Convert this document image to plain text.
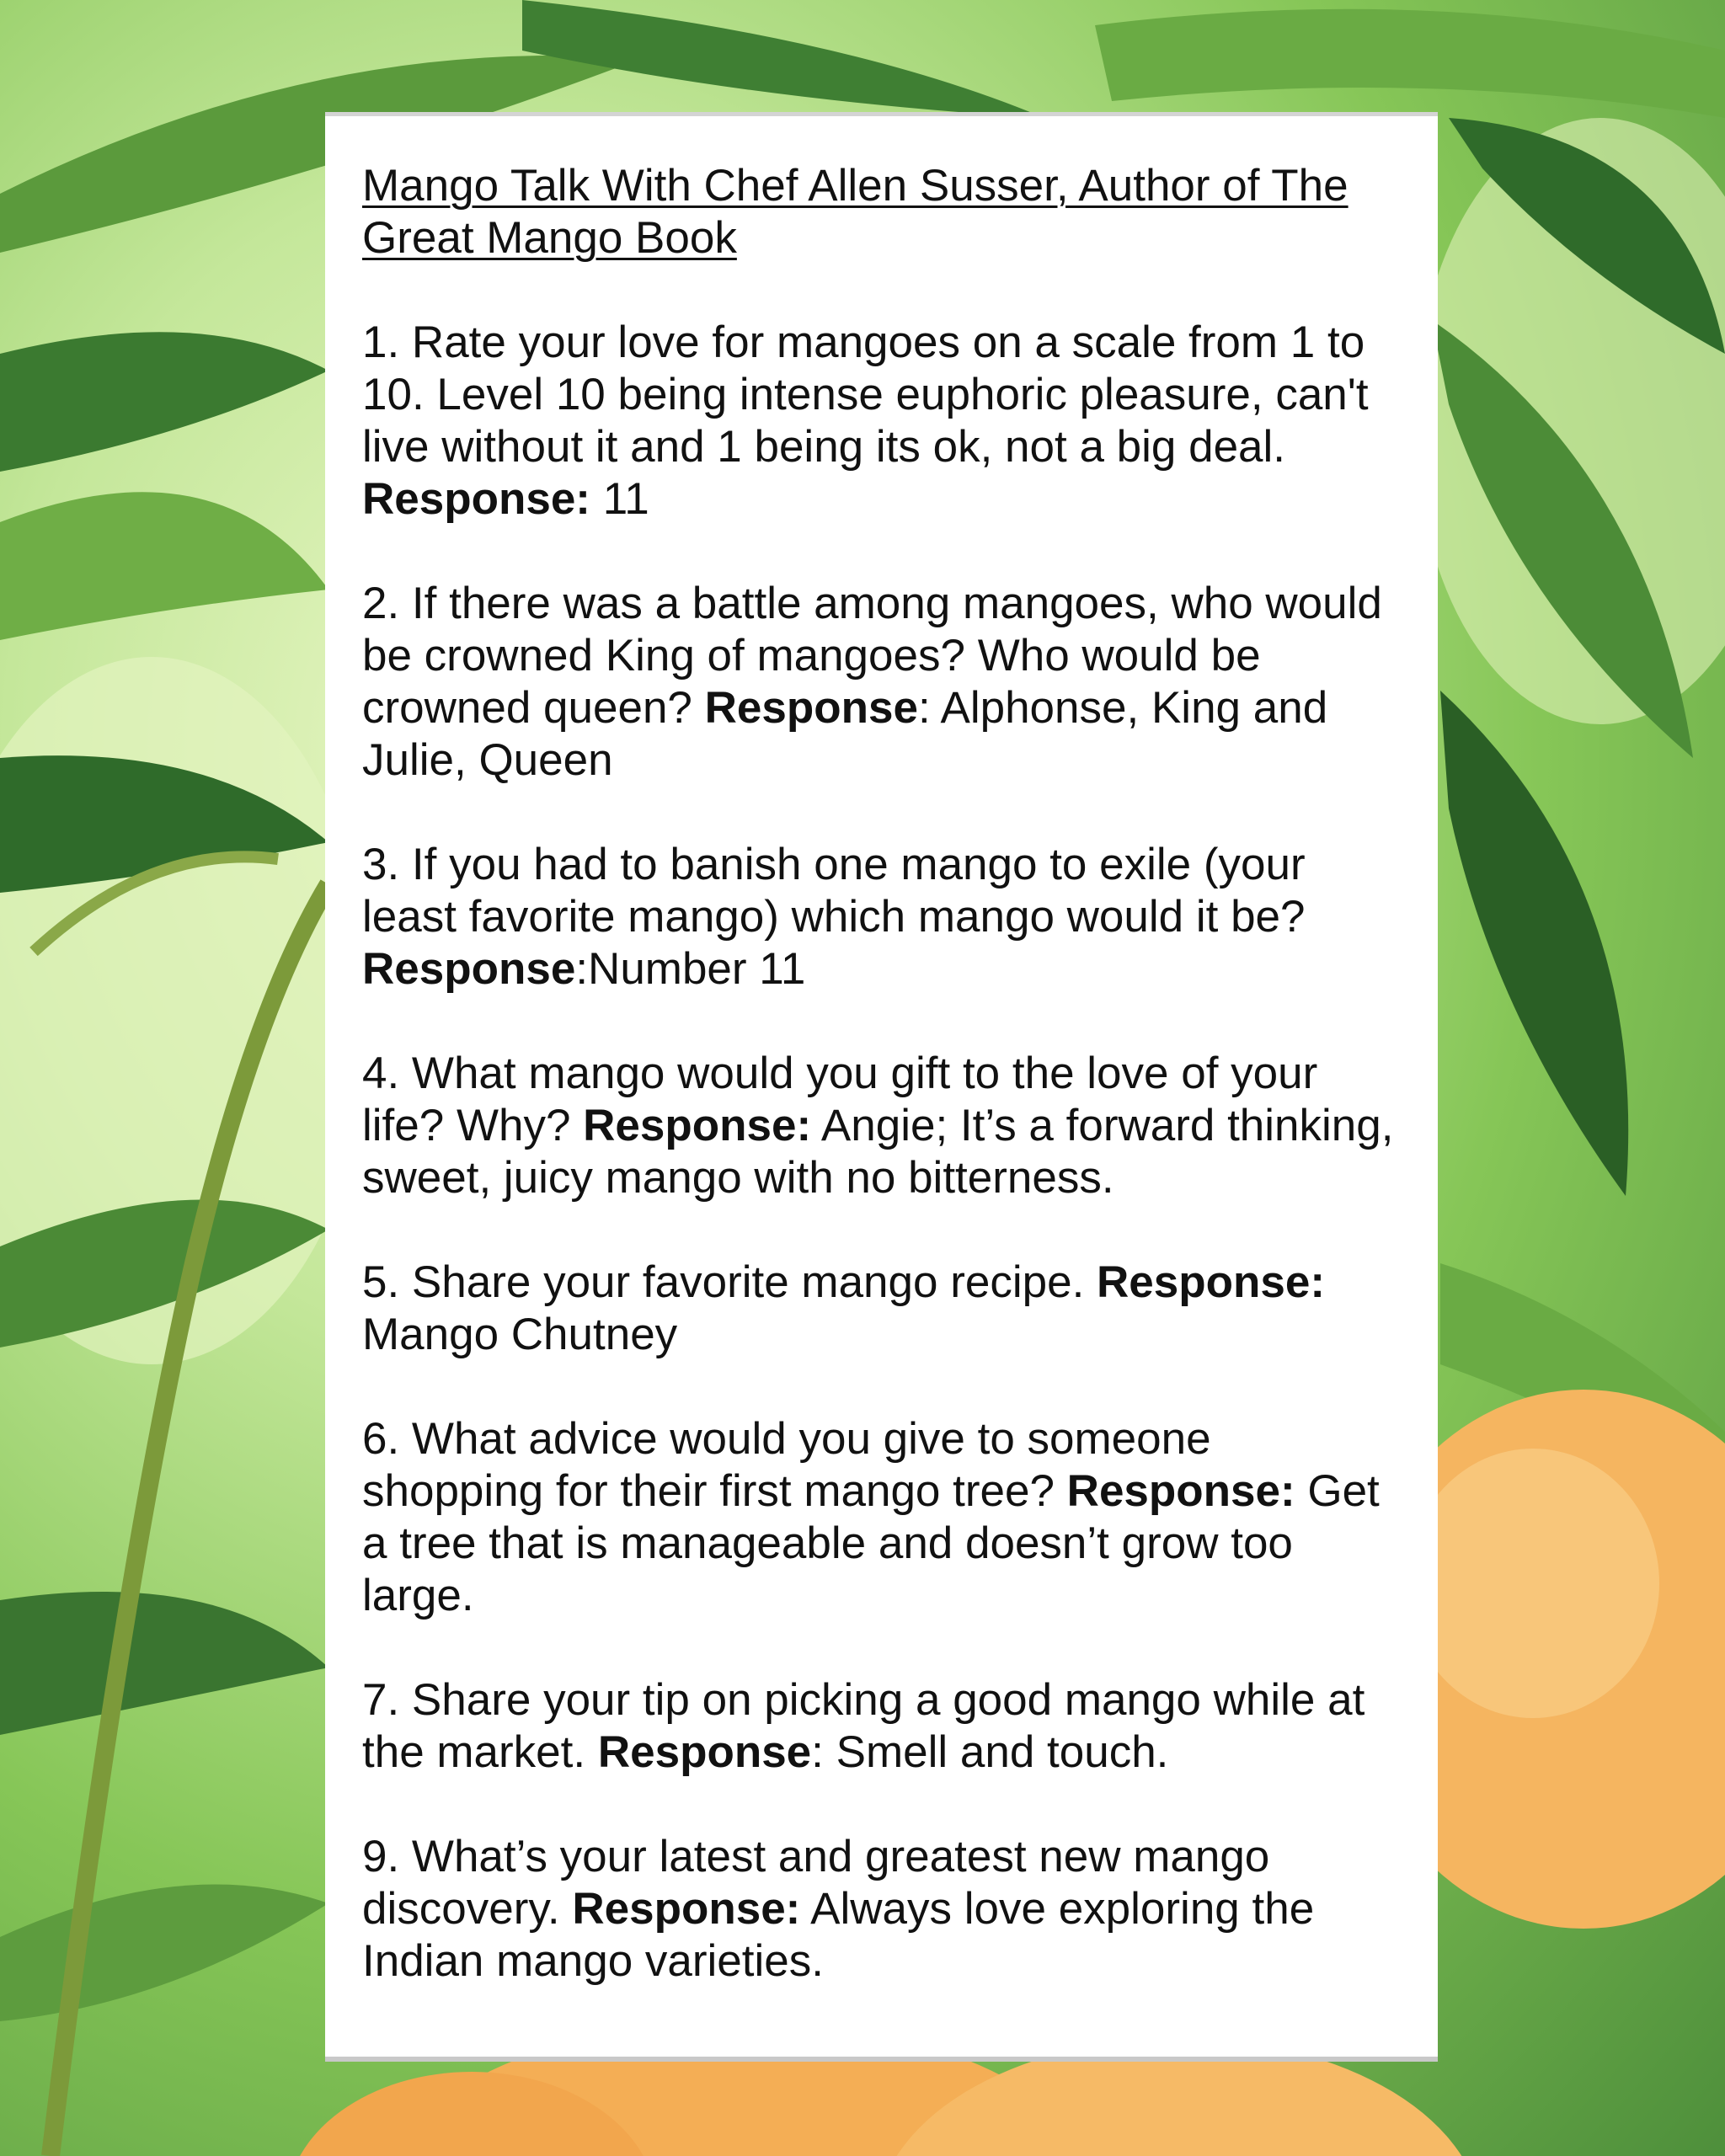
Mango Talk With Chef Allen Susser, Author of The Great Mango Book

1. Rate your love for mangoes on a scale from 1 to 10. Level 10 being intense euphoric pleasure, can't live without it and 1 being its ok, not a big deal. Response: 11

2. If there was a battle among mangoes, who would be crowned King of mangoes? Who would be crowned queen? Response: Alphonse, King and Julie, Queen

3. If you had to banish one mango to exile (your least favorite mango) which mango would it be? Response:Number 11

4. What mango would you gift to the love of your life? Why? Response: Angie; It’s a forward thinking, sweet, juicy mango with no bitterness.

5. Share your favorite mango recipe. Response: Mango Chutney

6. What advice would you give to someone shopping for their first mango tree? Response: Get a tree that is manageable and doesn’t grow too large.

7. Share your tip on picking a good mango while at the market. Response: Smell and touch.

9. What’s your latest and greatest new mango discovery. Response: Always love exploring the Indian mango varieties.
